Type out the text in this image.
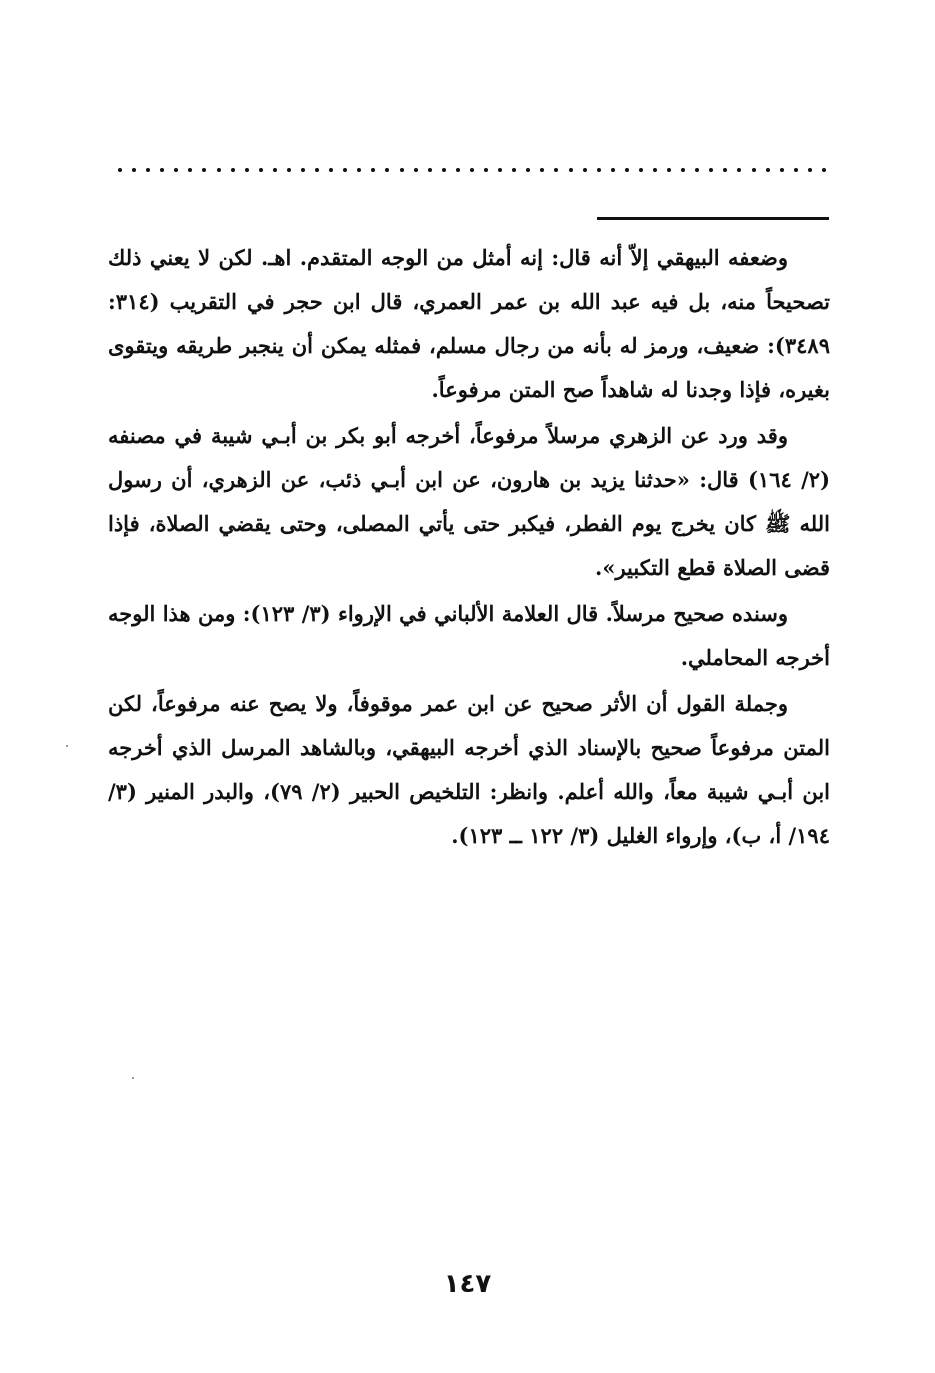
وضعفه البيهقي إلاّ أنه قال: إنه أمثل من الوجه المتقدم. اهـ. لكن لا يعني ذلك تصحيحاً منه، بل فيه عبد الله بن عمر العمري، قال ابن حجر في التقريب (٣١٤: ٣٤٨٩): ضعيف، ورمز له بأنه من رجال مسلم، فمثله يمكن أن ينجبر طريقه ويتقوى بغيره، فإذا وجدنا له شاهداً صح المتن مرفوعاً.

وقد ورد عن الزهري مرسلاً مرفوعاً، أخرجه أبو بكر بن أبـي شيبة في مصنفه (٢/ ١٦٤) قال: «حدثنا يزيد بن هارون، عن ابن أبـي ذئب، عن الزهري، أن رسول الله ﷺ كان يخرج يوم الفطر، فيكبر حتى يأتي المصلى، وحتى يقضي الصلاة، فإذا قضى الصلاة قطع التكبير».

وسنده صحيح مرسلاً. قال العلامة الألباني في الإرواء (٣/ ١٢٣): ومن هذا الوجه أخرجه المحاملي.

وجملة القول أن الأثر صحيح عن ابن عمر موقوفاً، ولا يصح عنه مرفوعاً، لكن المتن مرفوعاً صحيح بالإسناد الذي أخرجه البيهقي، وبالشاهد المرسل الذي أخرجه ابن أبـي شيبة معاً، والله أعلم. وانظر: التلخيص الحبير (٢/ ٧٩)، والبدر المنير (٣/ ١٩٤/ أ، ب)، وإرواء الغليل (٣/ ١٢٢ ــ ١٢٣).

١٤٧
